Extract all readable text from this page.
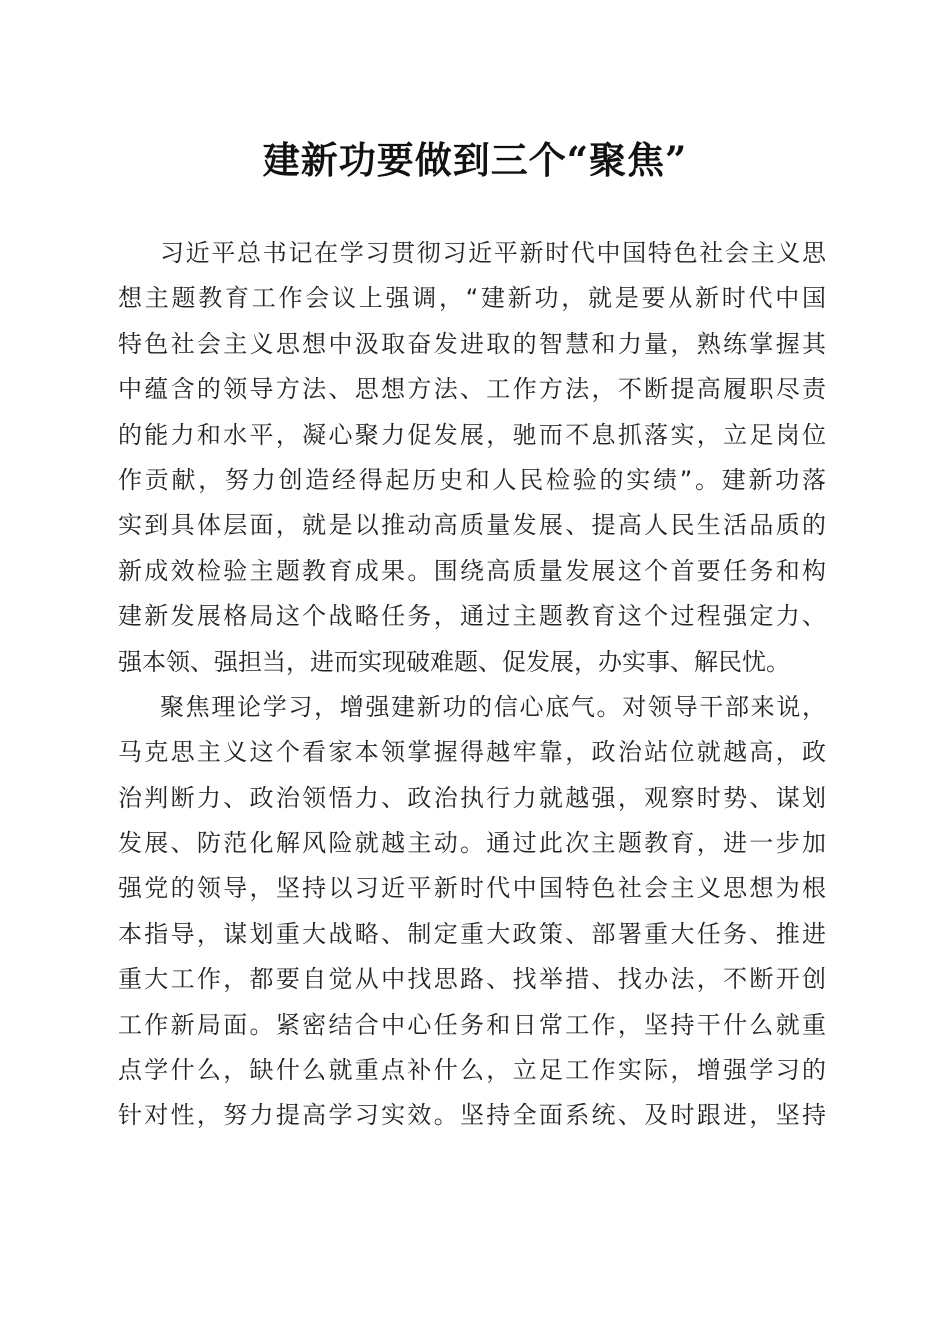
建新功要做到三个“聚焦”
习近平总书记在学习贯彻习近平新时代中国特色社会主义思
想主题教育工作会议上强调，“建新功，就是要从新时代中国
特色社会主义思想中汲取奋发进取的智慧和力量，熟练掌握其
中蕴含的领导方法、思想方法、工作方法，不断提高履职尽责
的能力和水平，凝心聚力促发展，驰而不息抓落实，立足岗位
作贡献，努力创造经得起历史和人民检验的实绩”。建新功落
实到具体层面，就是以推动高质量发展、提高人民生活品质的
新成效检验主题教育成果。围绕高质量发展这个首要任务和构
建新发展格局这个战略任务，通过主题教育这个过程强定力、
强本领、强担当，进而实现破难题、促发展，办实事、解民忧。
聚焦理论学习，增强建新功的信心底气。对领导干部来说，
马克思主义这个看家本领掌握得越牢靠，政治站位就越高，政
治判断力、政治领悟力、政治执行力就越强，观察时势、谋划
发展、防范化解风险就越主动。通过此次主题教育，进一步加
强党的领导，坚持以习近平新时代中国特色社会主义思想为根
本指导，谋划重大战略、制定重大政策、部署重大任务、推进
重大工作，都要自觉从中找思路、找举措、找办法，不断开创
工作新局面。紧密结合中心任务和日常工作，坚持干什么就重
点学什么，缺什么就重点补什么，立足工作实际，增强学习的
针对性，努力提高学习实效。坚持全面系统、及时跟进，坚持
